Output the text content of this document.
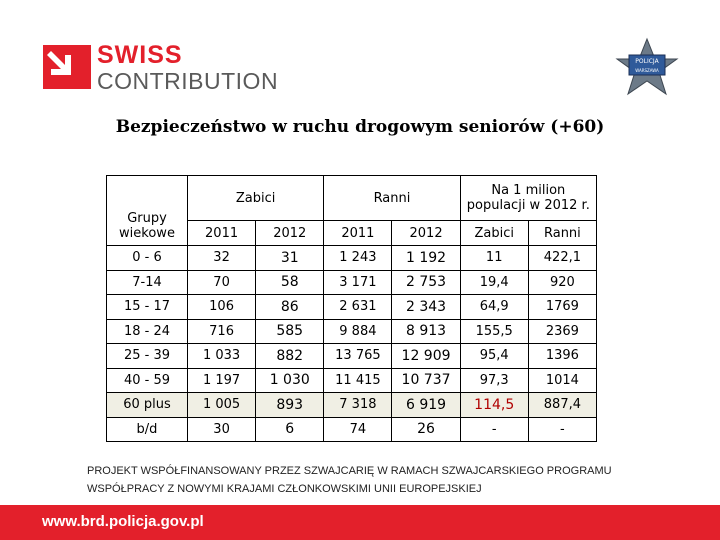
SWISS
CONTRIBUTION
POLICJA
WARSZAWA
Bezpieczeństwo w ruchu drogowym seniorów (+60)
Grupy wiekowe	Zabici		Ranni		Na 1 milion populacji w 2012 r.	
	2011	2012	2011	2012	Zabici	Ranni
0 - 6	32	31	1 243	1 192	11	422,1
7-14	70	58	3 171	2 753	19,4	920
15 - 17	106	86	2 631	2 343	64,9	1769
18 - 24	716	585	9 884	8 913	155,5	2369
25 - 39	1 033	882	13 765	12 909	95,4	1396
40 - 59	1 197	1 030	11 415	10 737	97,3	1014
60 plus	1 005	893	7 318	6 919	114,5	887,4
b/d	30	6	74	26	-	-
PROJEKT WSPÓŁFINANSOWANY PRZEZ SZWAJCARIĘ W RAMACH SZWAJCARSKIEGO PROGRAMU
WSPÓŁPRACY Z NOWYMI KRAJAMI CZŁONKOWSKIMI UNII EUROPEJSKIEJ
www.brd.policja.gov.pl
